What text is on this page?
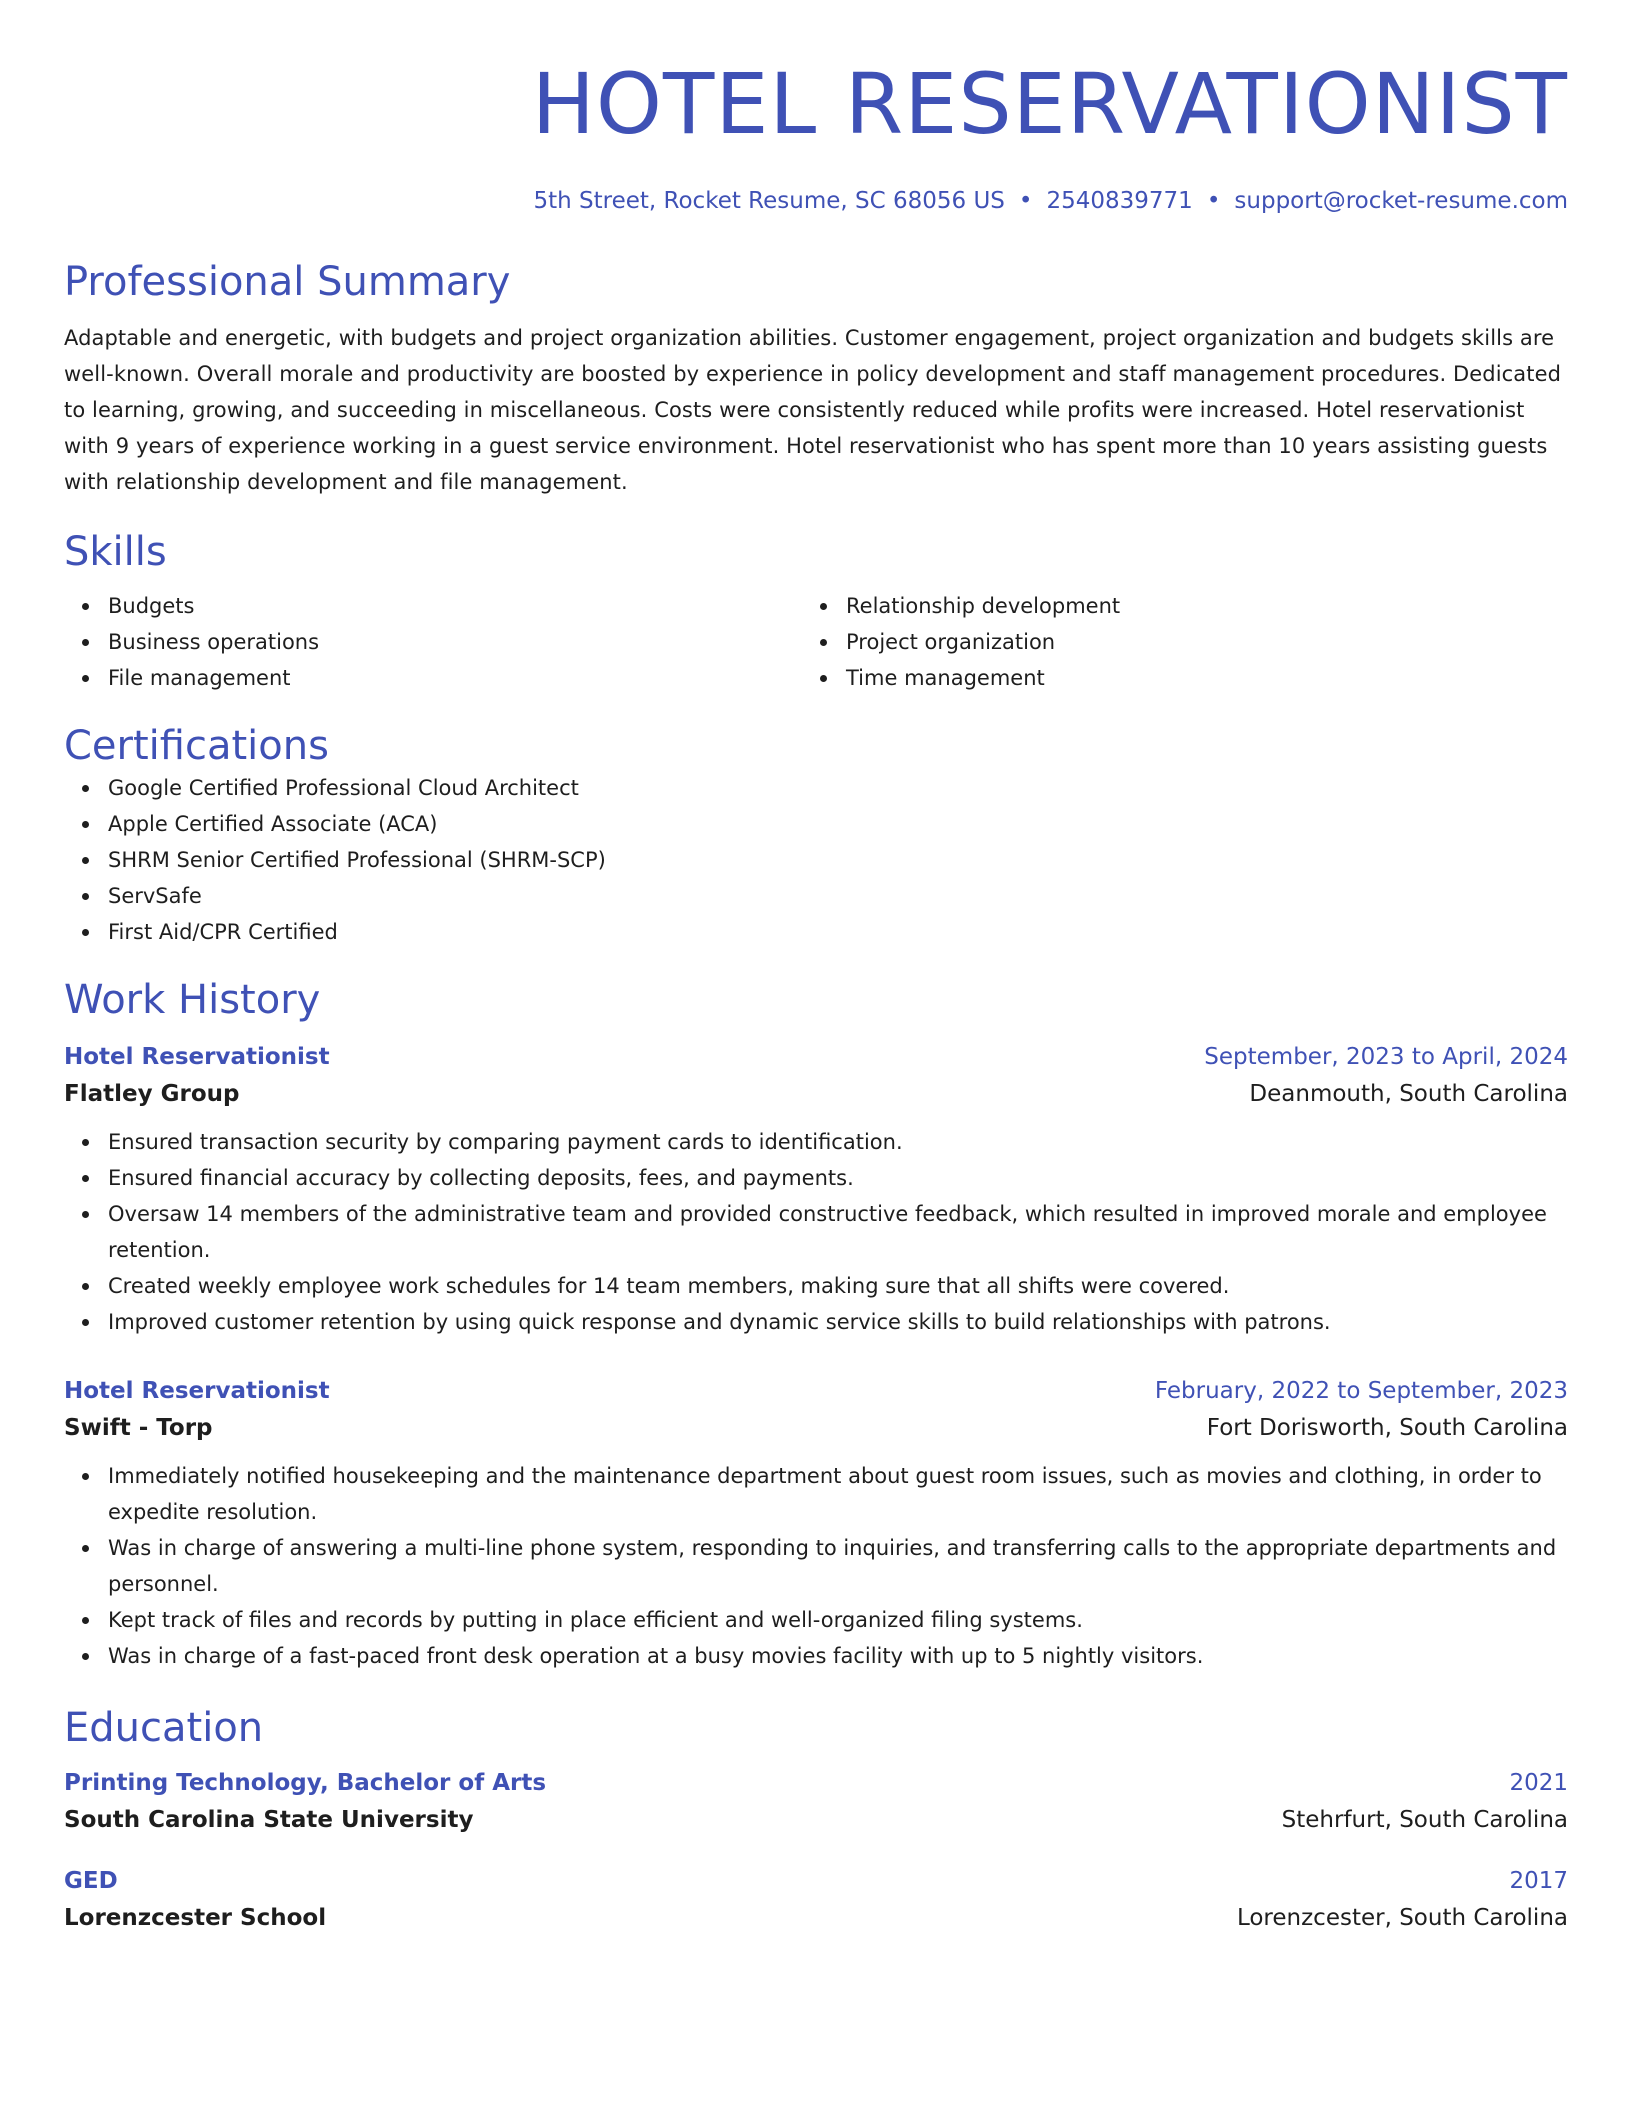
HOTEL RESERVATIONIST
5th Street, Rocket Resume, SC 68056 US • 2540839771 • support@rocket-resume.com
Professional Summary
Adaptable and energetic, with budgets and project organization abilities. Customer engagement, project organization and budgets skills are well-known. Overall morale and productivity are boosted by experience in policy development and staff management procedures. Dedicated to learning, growing, and succeeding in miscellaneous. Costs were consistently reduced while profits were increased. Hotel reservationist with 9 years of experience working in a guest service environment. Hotel reservationist who has spent more than 10 years assisting guests with relationship development and file management.
Skills
Budgets
Business operations
File management
Relationship development
Project organization
Time management
Certifications
Google Certified Professional Cloud Architect
Apple Certified Associate (ACA)
SHRM Senior Certified Professional (SHRM-SCP)
ServSafe
First Aid/CPR Certified
Work History
Hotel Reservationist	September, 2023 to April, 2024
Flatley Group	Deanmouth, South Carolina
Ensured transaction security by comparing payment cards to identification.
Ensured financial accuracy by collecting deposits, fees, and payments.
Oversaw 14 members of the administrative team and provided constructive feedback, which resulted in improved morale and employee retention.
Created weekly employee work schedules for 14 team members, making sure that all shifts were covered.
Improved customer retention by using quick response and dynamic service skills to build relationships with patrons.
Hotel Reservationist	February, 2022 to September, 2023
Swift - Torp	Fort Dorisworth, South Carolina
Immediately notified housekeeping and the maintenance department about guest room issues, such as movies and clothing, in order to expedite resolution.
Was in charge of answering a multi-line phone system, responding to inquiries, and transferring calls to the appropriate departments and personnel.
Kept track of files and records by putting in place efficient and well-organized filing systems.
Was in charge of a fast-paced front desk operation at a busy movies facility with up to 5 nightly visitors.
Education
Printing Technology, Bachelor of Arts	2021
South Carolina State University	Stehrfurt, South Carolina
GED	2017
Lorenzcester School	Lorenzcester, South Carolina
